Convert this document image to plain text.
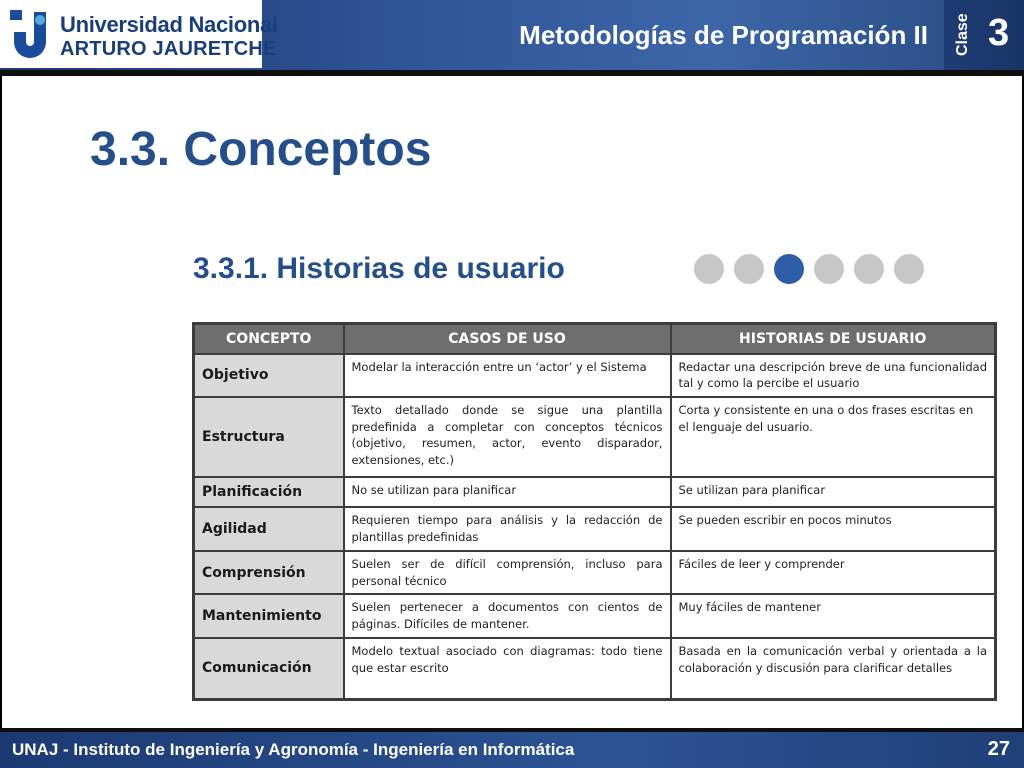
Universidad Nacional
ARTURO JAURETCHE	Metodologías de Programación II Clase 3
3.3. Conceptos
3.3.1. Historias de usuario
CONCEPTO	CASOS DE USO	HISTORIAS DE USUARIO
Objetivo	Modelar la interacción entre un ‘actor’ y el Sistema	Redactar una descripción breve de una funcionalidad tal y como la percibe el usuario
Estructura	Texto detallado donde se sigue una plantilla predefinida a completar con conceptos técnicos (objetivo, resumen, actor, evento disparador, extensiones, etc.)	Corta y consistente en una o dos frases escritas en el lenguaje del usuario.
Planificación	No se utilizan para planificar	Se utilizan para planificar
Agilidad	Requieren tiempo para análisis y la redacción de plantillas predefinidas	Se pueden escribir en pocos minutos
Comprensión	Suelen ser de difícil comprensión, incluso para personal técnico	Fáciles de leer y comprender
Mantenimiento	Suelen pertenecer a documentos con cientos de páginas. Difíciles de mantener.	Muy fáciles de mantener
Comunicación	Modelo textual asociado con diagramas: todo tiene que estar escrito	Basada en la comunicación verbal y orientada a la colaboración y discusión para clarificar detalles
UNAJ - Instituto de Ingeniería y Agronomía - Ingeniería en Informática	27
